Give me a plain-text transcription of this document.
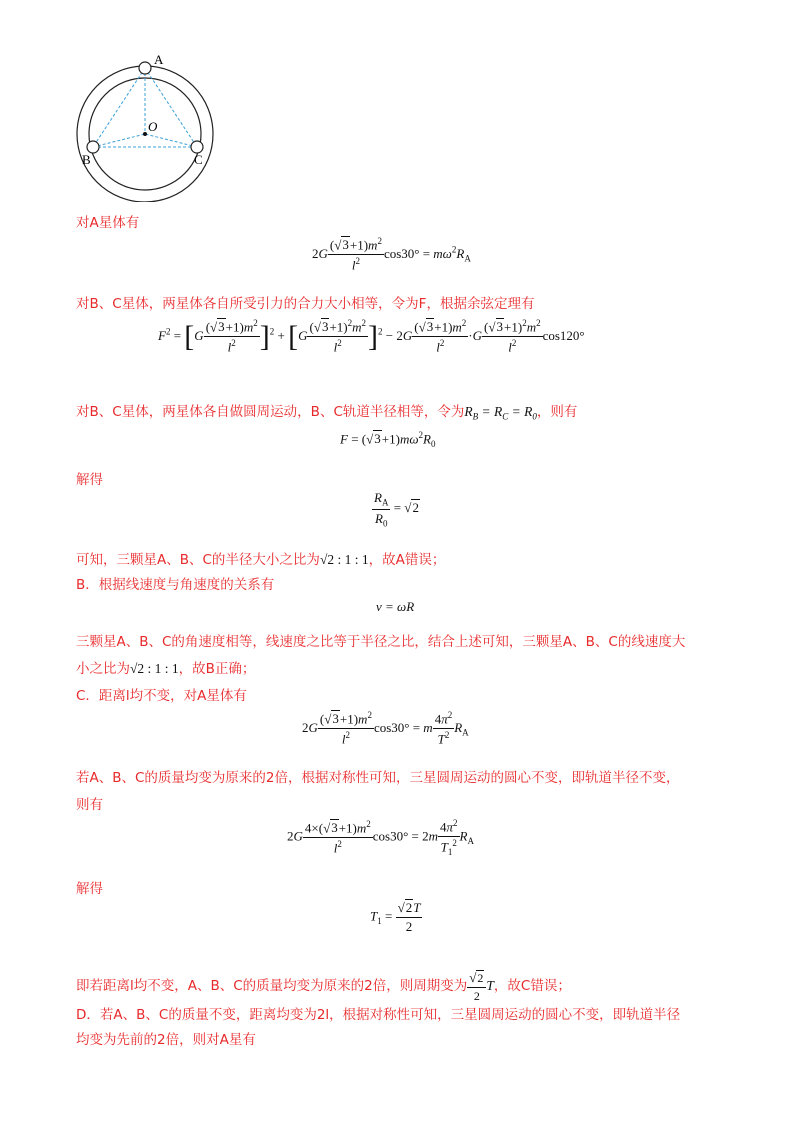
A
B	C
O
对A星体有
$2G \frac{(√3+1)m^2}{l^2} \cos 30^\circ = m\omega^2R_A$
对B、C星体，两星体各自所受引力的合力大小相等，令为F，根据余弦定理有
$F^2 = [G \frac{(√3+1)m^2}{l^2} ]^2 + [G \frac{(√3+1)^2m^2}{l^2} ]^2 - 2G \frac{(√3+1)m^2}{l^2} \cdot G \frac{(√3+1)^2m^2}{l^2} \cos 120^\circ$
对B、C星体，两星体各自做圆周运动，B、C轨道半径相等，令为$R_B = R_C = R_0$，则有
$F = (√3+1)m\omega^2R_0$
解得
$\frac{R_A}{R_0} = √2$
可知，三颗星A、B、C的半径大小之比为√2 : 1 : 1，故A错误；
B．根据线速度与角速度的关系有
v = ωR
三颗星A、B、C的角速度相等，线速度之比等于半径之比，结合上述可知，三颗星A、B、C的线速度大
小之比为√2 : 1 : 1，故B正确；
C．距离l均不变，对A星体有
$2G \frac{(√3+1)m^2}{l^2} \cos 30^\circ = m \frac{4\pi^2}{T^2} R_A$
若A、B、C的质量均变为原来的2倍，根据对称性可知，三星圆周运动的圆心不变，即轨道半径不变，
则有
$2G \frac{4\times(√3+1)m^2}{l^2} \cos 30^\circ = 2m \frac{4\pi^2}{T_1^2} R_A$
解得
$T_1 = \frac{√2T}{2}$
即若距离l均不变，A、B、C的质量均变为原来的2倍，则周期变为 $\frac{√2}{2}$ T，故C错误；
D．若A、B、C的质量不变，距离均变为2l，根据对称性可知，三星圆周运动的圆心不变，即轨道半径
均变为先前的2倍，则对A星有
